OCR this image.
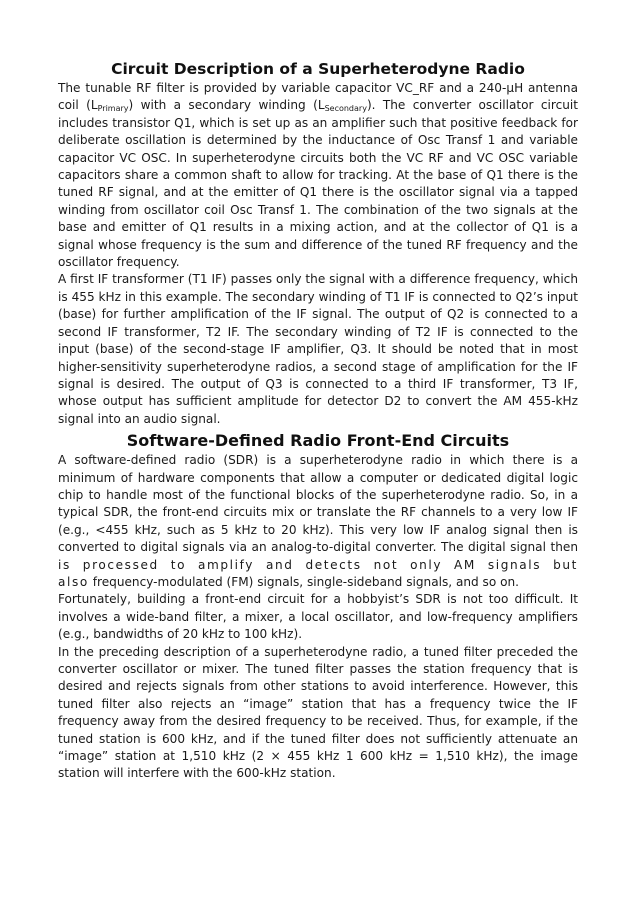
Circuit Description of a Superheterodyne Radio

The tunable RF filter is provided by variable capacitor VC_RF and a 240-μH antenna coil $(L_{Primary})$ with a secondary winding $(L_{Secondary})$. The converter oscillator circuit includes transistor Q1, which is set up as an amplifier such that positive feedback for deliberate oscillation is determined by the inductance of Osc Transf 1 and variable capacitor VC OSC. In superheterodyne circuits both the VC RF and VC OSC variable capacitors share a common shaft to allow for tracking. At the base of Q1 there is the tuned RF signal, and at the emitter of Q1 there is the oscillator signal via a tapped winding from oscillator coil Osc Transf 1. The combination of the two signals at the base and emitter of Q1 results in a mixing action, and at the collector of Q1 is a signal whose frequency is the sum and difference of the tuned RF frequency and the oscillator frequency.

A first IF transformer (T1 IF) passes only the signal with a difference frequency, which is 455 kHz in this example. The secondary winding of T1 IF is connected to Q2’s input (base) for further amplification of the IF signal. The output of Q2 is connected to a second IF transformer, T2 IF. The secondary winding of T2 IF is connected to the input (base) of the second-stage IF amplifier, Q3. It should be noted that in most higher-sensitivity superheterodyne radios, a second stage of amplification for the IF signal is desired. The output of Q3 is connected to a third IF transformer, T3 IF, whose output has sufficient amplitude for detector D2 to convert the AM 455-kHz signal into an audio signal.

Software-Defined Radio Front-End Circuits

A software-defined radio (SDR) is a superheterodyne radio in which there is a minimum of hardware components that allow a computer or dedicated digital logic chip to handle most of the functional blocks of the superheterodyne radio. So, in a typical SDR, the front-end circuits mix or translate the RF channels to a very low IF (e.g., <455 kHz, such as 5 kHz to 20 kHz). This very low IF analog signal then is converted to digital signals via an analog-to-digital converter. The digital signal then is processed to amplify and detects not only AM signals but also frequency-modulated (FM) signals, single-sideband signals, and so on.

Fortunately, building a front-end circuit for a hobbyist’s SDR is not too difficult. It involves a wide-band filter, a mixer, a local oscillator, and low-frequency amplifiers (e.g., bandwidths of 20 kHz to 100 kHz).

In the preceding description of a superheterodyne radio, a tuned filter preceded the converter oscillator or mixer. The tuned filter passes the station frequency that is desired and rejects signals from other stations to avoid interference. However, this tuned filter also rejects an “image” station that has a frequency twice the IF frequency away from the desired frequency to be received. Thus, for example, if the tuned station is 600 kHz, and if the tuned filter does not sufficiently attenuate an “image” station at 1,510 kHz (2 × 455 kHz 1 600 kHz = 1,510 kHz), the image station will interfere with the 600-kHz station.
